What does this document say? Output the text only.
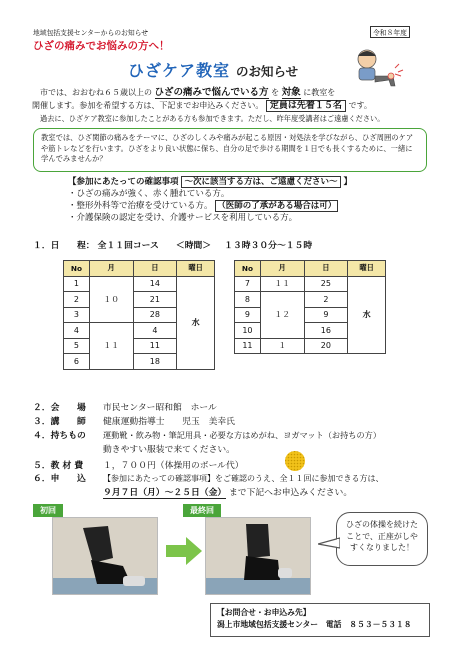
地域包括支援センターからのお知らせ	令和８年度
ひざの痛みでお悩みの方へ！
ひざケア教室 のお知らせ
市では、おおむね６５歳以上の ひざの痛みで悩んでいる方 を 対象 に教室を
開催します。参加を希望する方は、下記までお申込みください。 定員は先着１５名 です。
過去に、ひざケア教室に参加したことがある方も参加できます。ただし、昨年度受講者はご遠慮ください。
教室では、ひざ関節の痛みをテーマに、ひざのしくみや痛みが起こる原因・対処法を学びながら、ひざ周囲のケアや筋トレなどを行います。ひざをより良い状態に保ち、自分の足で歩ける期間を１日でも長くするために、一緒に学んでみませんか？
【参加にあたっての確認事項 ～次に該当する方は、ご遠慮ください～ 】
・ひざの痛みが強く、赤く腫れている方。
・整形外科等で治療を受けている方。 （医師の了承がある場合は可）
・介護保険の認定を受け、介護サービスを利用している方。
１．日　　程： 全１１回コース ＜時間＞ １３時３０分～１５時
No	月	日	曜日
1	１０	14	水
2		21	
3		28	
4	１１	4	
5		11	
6		18	
No	月	日	曜日
7	１１	25	水
8	１２	2	
9		9	
10		16	
11	１	20	
２．会　　場 市民センター昭和館　ホール
３．講　　師 健康運動指導士　　児玉　美幸氏
４．持ちもの 運動靴・飲み物・筆記用具・必要な方はめがね、ヨガマット（お持ちの方）
動きやすい服装で来てください。
５．教 材 費 １，７００円（体操用のボール代）
６．申　　込 【参加にあたっての確認事項】をご確認のうえ、全１１回に参加できる方は、
９月７日（月）～２５日（金） まで下記へお申込みください。
初回	最終回
ひざの体操を続けたことで、正座がしやすくなりました！
【お問合せ・お申込み先】
潟上市地域包括支援センター　電話　８５３－５３１８
